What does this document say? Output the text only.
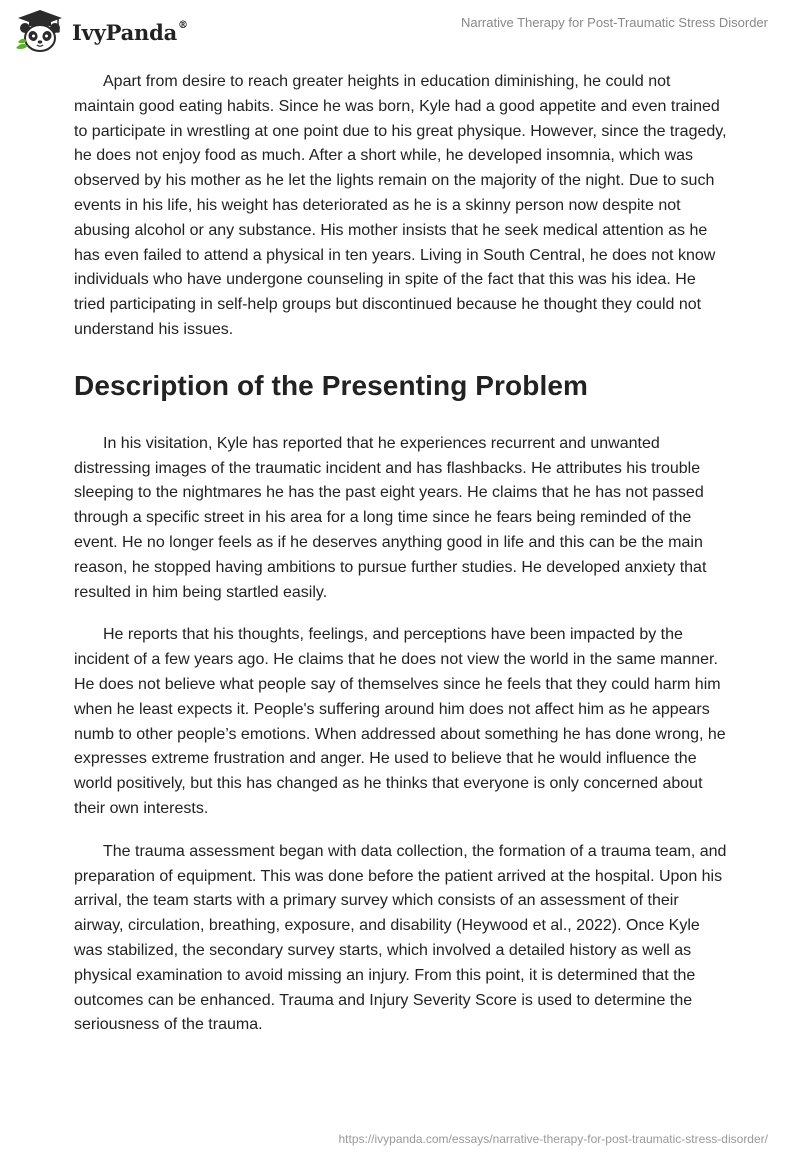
IvyPanda®	Narrative Therapy for Post-Traumatic Stress Disorder

Apart from desire to reach greater heights in education diminishing, he could not maintain good eating habits. Since he was born, Kyle had a good appetite and even trained to participate in wrestling at one point due to his great physique. However, since the tragedy, he does not enjoy food as much. After a short while, he developed insomnia, which was observed by his mother as he let the lights remain on the majority of the night. Due to such events in his life, his weight has deteriorated as he is a skinny person now despite not abusing alcohol or any substance. His mother insists that he seek medical attention as he has even failed to attend a physical in ten years. Living in South Central, he does not know individuals who have undergone counseling in spite of the fact that this was his idea. He tried participating in self-help groups but discontinued because he thought they could not understand his issues.

Description of the Presenting Problem

In his visitation, Kyle has reported that he experiences recurrent and unwanted distressing images of the traumatic incident and has flashbacks. He attributes his trouble sleeping to the nightmares he has the past eight years. He claims that he has not passed through a specific street in his area for a long time since he fears being reminded of the event. He no longer feels as if he deserves anything good in life and this can be the main reason, he stopped having ambitions to pursue further studies. He developed anxiety that resulted in him being startled easily.

He reports that his thoughts, feelings, and perceptions have been impacted by the incident of a few years ago. He claims that he does not view the world in the same manner. He does not believe what people say of themselves since he feels that they could harm him when he least expects it. People's suffering around him does not affect him as he appears numb to other people’s emotions. When addressed about something he has done wrong, he expresses extreme frustration and anger. He used to believe that he would influence the world positively, but this has changed as he thinks that everyone is only concerned about their own interests.

The trauma assessment began with data collection, the formation of a trauma team, and preparation of equipment. This was done before the patient arrived at the hospital. Upon his arrival, the team starts with a primary survey which consists of an assessment of their airway, circulation, breathing, exposure, and disability (Heywood et al., 2022). Once Kyle was stabilized, the secondary survey starts, which involved a detailed history as well as physical examination to avoid missing an injury. From this point, it is determined that the outcomes can be enhanced. Trauma and Injury Severity Score is used to determine the seriousness of the trauma.

https://ivypanda.com/essays/narrative-therapy-for-post-traumatic-stress-disorder/
